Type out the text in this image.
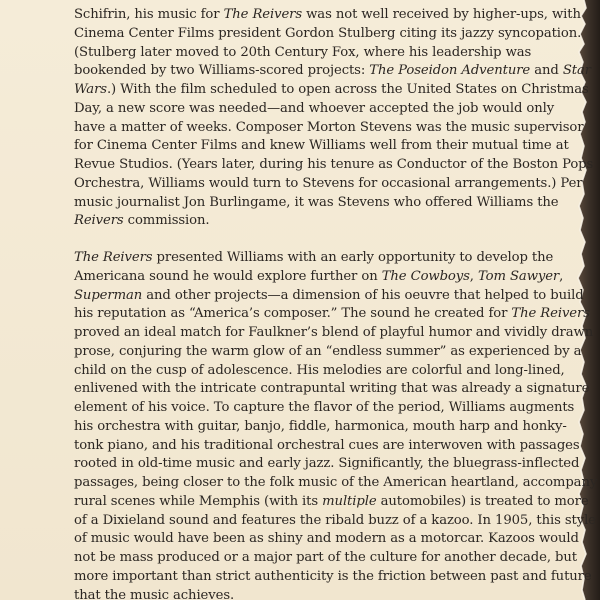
Schifrin, his music for The Reivers was not well received by higher-ups, with
Cinema Center Films president Gordon Stulberg citing its jazzy syncopation.
(Stulberg later moved to 20th Century Fox, where his leadership was
bookended by two Williams-scored projects: The Poseidon Adventure and Star
Wars.) With the film scheduled to open across the United States on Christmas
Day, a new score was needed—and whoever accepted the job would only
have a matter of weeks. Composer Morton Stevens was the music supervisor
for Cinema Center Films and knew Williams well from their mutual time at
Revue Studios. (Years later, during his tenure as Conductor of the Boston Pops
Orchestra, Williams would turn to Stevens for occasional arrangements.) Per
music journalist Jon Burlingame, it was Stevens who offered Williams the
Reivers commission.

The Reivers presented Williams with an early opportunity to develop the
Americana sound he would explore further on The Cowboys, Tom Sawyer,
Superman and other projects—a dimension of his oeuvre that helped to build
his reputation as “America’s composer.” The sound he created for The Reivers
proved an ideal match for Faulkner’s blend of playful humor and vividly drawn
prose, conjuring the warm glow of an “endless summer” as experienced by a
child on the cusp of adolescence. His melodies are colorful and long-lined,
enlivened with the intricate contrapuntal writing that was already a signature
element of his voice. To capture the flavor of the period, Williams augments
his orchestra with guitar, banjo, fiddle, harmonica, mouth harp and honky-
tonk piano, and his traditional orchestral cues are interwoven with passages
rooted in old-time music and early jazz. Significantly, the bluegrass-inflected
passages, being closer to the folk music of the American heartland, accompany
rural scenes while Memphis (with its multiple automobiles) is treated to more
of a Dixieland sound and features the ribald buzz of a kazoo. In 1905, this style
of music would have been as shiny and modern as a motorcar. Kazoos would
not be mass produced or a major part of the culture for another decade, but
more important than strict authenticity is the friction between past and future
that the music achieves.
